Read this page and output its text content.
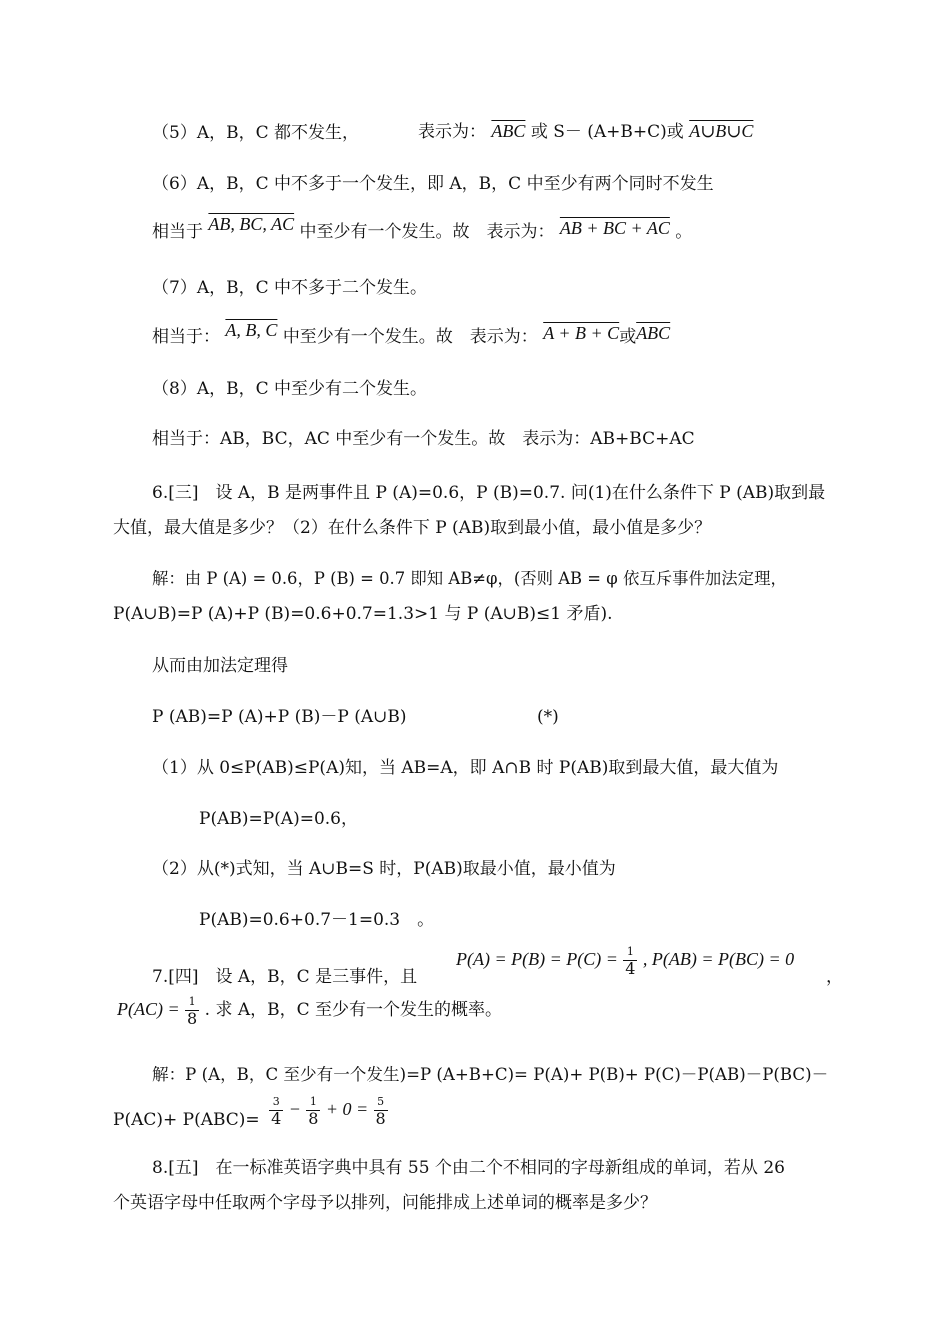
（5）A，B，C 都不发生，	表示为： $\overline{ABC}$ 或 S－ (A+B+C)或 A∪B∪C
（6）A，B，C 中不多于一个发生，即 A，B，C 中至少有两个同时不发生
相当于 AB, BC, AC 中至少有一个发生。故　表示为： AB + BC + AC 。
（7）A，B，C 中不多于二个发生。
相当于： A, B, C 中至少有一个发生。故　表示为： A + B + C或$\overline{ABC}$
（8）A，B，C 中至少有二个发生。
相当于：AB，BC，AC 中至少有一个发生。故　表示为：AB+BC+AC
6.[三]　设 A，B 是两事件且 P (A)=0.6，P (B)=0.7. 问(1)在什么条件下 P (AB)取到最
大值，最大值是多少？（2）在什么条件下 P (AB)取到最小值，最小值是多少？
解：由 P (A) = 0.6，P (B) = 0.7 即知 AB≠φ，(否则 AB = φ 依互斥事件加法定理，
P(A∪B)=P (A)+P (B)=0.6+0.7=1.3>1 与 P (A∪B)≤1 矛盾).
从而由加法定理得
P (AB)=P (A)+P (B)－P (A∪B)	(*)
（1）从 0≤P(AB)≤P(A)知，当 AB=A，即 A∩B 时 P(AB)取到最大值，最大值为
P(AB)=P(A)=0.6，
（2）从(*)式知，当 A∪B=S 时，P(AB)取最小值，最小值为
P(AB)=0.6+0.7－1=0.3　。
$P(A) = P(B) = P(C) = \frac{1}{4}$ , P(AB) = P(BC) = 0
，
7.[四]　设 A，B，C 是三事件，且
$P(AC) = \frac{1}{8}$ . 求 A，B，C 至少有一个发生的概率。
解：P (A，B，C 至少有一个发生)=P (A+B+C)= P(A)+ P(B)+ P(C)－P(AB)－P(BC)－
$P(AC)+ P(ABC)= \frac{3}{4} - \frac{1}{8} + 0 = \frac{5}{8}$
8.[五]　在一标准英语字典中具有 55 个由二个不相同的字母新组成的单词，若从 26
个英语字母中任取两个字母予以排列，问能排成上述单词的概率是多少？
